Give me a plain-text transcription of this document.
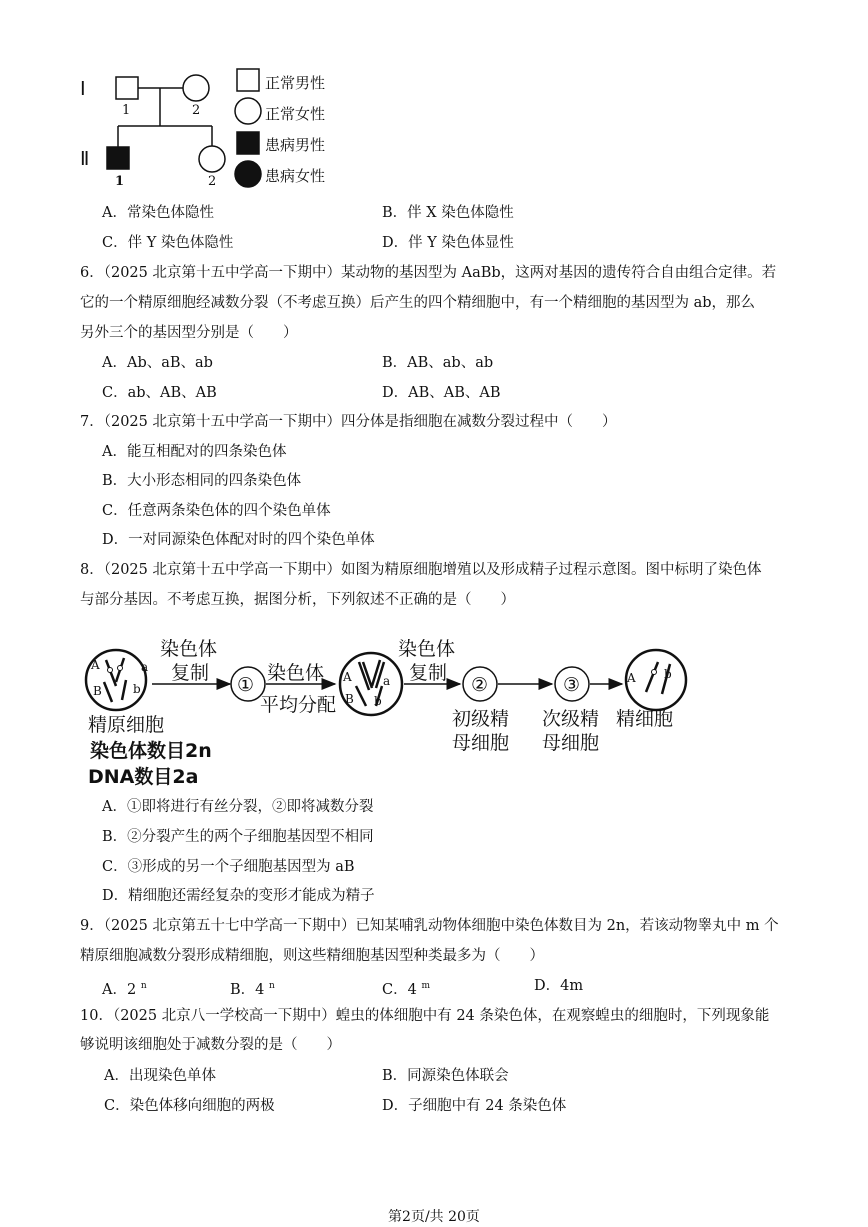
Ⅰ
Ⅱ
1	2
1	2
正常男性
正常女性
患病男性
患病女性
A．常染色体隐性	B．伴 X 染色体隐性
C．伴 Y 染色体隐性	D．伴 Y 染色体显性
6．（2025 北京第十五中学高一下期中）某动物的基因型为 AaBb，这两对基因的遗传符合自由组合定律。若
它的一个精原细胞经减数分裂（不考虑互换）后产生的四个精细胞中，有一个精细胞的基因型为 ab，那么
另外三个的基因型分别是（　　）
A．Ab、aB、ab	B．AB、ab、ab
C．ab、AB、AB	D．AB、AB、AB
7．（2025 北京第十五中学高一下期中）四分体是指细胞在减数分裂过程中（　　）
A．能互相配对的四条染色体
B．大小形态相同的四条染色体
C．任意两条染色体的四个染色单体
D．一对同源染色体配对时的四个染色单体
8．（2025 北京第十五中学高一下期中）如图为精原细胞增殖以及形成精子过程示意图。图中标明了染色体
与部分基因。不考虑互换，据图分析，下列叙述不正确的是（　　）
A	a
B	b
A	a
B b
A b
①	②	③
染色体
复制	染色体
平均分配
染色体
复制
精原细胞
染色体数目2n
DNA数目2a
初级精
母细胞
次级精
母细胞
精细胞
A．①即将进行有丝分裂，②即将减数分裂
B．②分裂产生的两个子细胞基因型不相同
C．③形成的另一个子细胞基因型为 aB
D．精细胞还需经复杂的变形才能成为精子
9．（2025 北京第五十七中学高一下期中）已知某哺乳动物体细胞中染色体数目为 2n，若该动物睾丸中 m 个
精原细胞减数分裂形成精细胞，则这些精细胞基因型种类最多为（　　）
A．2 $^n$	B．4 $^n$	C．4 $^m$	D．4m
10．（2025 北京八一学校高一下期中）蝗虫的体细胞中有 24 条染色体，在观察蝗虫的细胞时，下列现象能
够说明该细胞处于减数分裂的是（　　）
A．出现染色单体	B．同源染色体联会
C．染色体移向细胞的两极	D．子细胞中有 24 条染色体
第2页/共 20页
